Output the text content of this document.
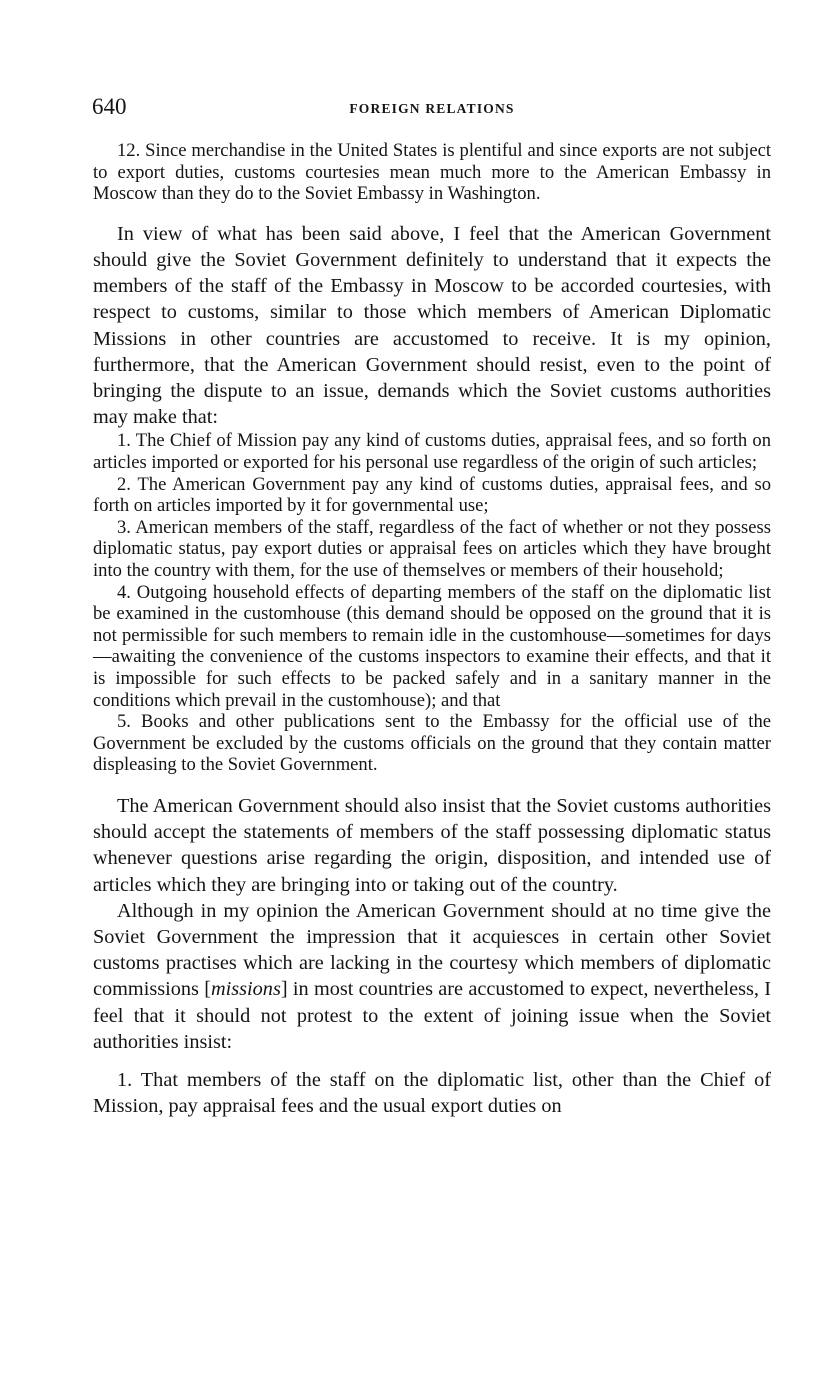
640	FOREIGN RELATIONS

12. Since merchandise in the United States is plentiful and since exports are not subject to export duties, customs courtesies mean much more to the American Embassy in Moscow than they do to the Soviet Embassy in Washington.

In view of what has been said above, I feel that the American Government should give the Soviet Government definitely to understand that it expects the members of the staff of the Embassy in Moscow to be accorded courtesies, with respect to customs, similar to those which members of American Diplomatic Missions in other countries are accustomed to receive. It is my opinion, furthermore, that the American Government should resist, even to the point of bringing the dispute to an issue, demands which the Soviet customs authorities may make that:

1. The Chief of Mission pay any kind of customs duties, appraisal fees, and so forth on articles imported or exported for his personal use regardless of the origin of such articles;
2. The American Government pay any kind of customs duties, appraisal fees, and so forth on articles imported by it for governmental use;
3. American members of the staff, regardless of the fact of whether or not they possess diplomatic status, pay export duties or appraisal fees on articles which they have brought into the country with them, for the use of themselves or members of their household;
4. Outgoing household effects of departing members of the staff on the diplomatic list be examined in the customhouse (this demand should be opposed on the ground that it is not permissible for such members to remain idle in the customhouse—sometimes for days—awaiting the convenience of the customs inspectors to examine their effects, and that it is impossible for such effects to be packed safely and in a sanitary manner in the conditions which prevail in the customhouse); and that
5. Books and other publications sent to the Embassy for the official use of the Government be excluded by the customs officials on the ground that they contain matter displeasing to the Soviet Government.

The American Government should also insist that the Soviet customs authorities should accept the statements of members of the staff possessing diplomatic status whenever questions arise regarding the origin, disposition, and intended use of articles which they are bringing into or taking out of the country.

Although in my opinion the American Government should at no time give the Soviet Government the impression that it acquiesces in certain other Soviet customs practises which are lacking in the courtesy which members of diplomatic commissions [missions] in most countries are accustomed to expect, nevertheless, I feel that it should not protest to the extent of joining issue when the Soviet authorities insist:

1. That members of the staff on the diplomatic list, other than the Chief of Mission, pay appraisal fees and the usual export duties on
